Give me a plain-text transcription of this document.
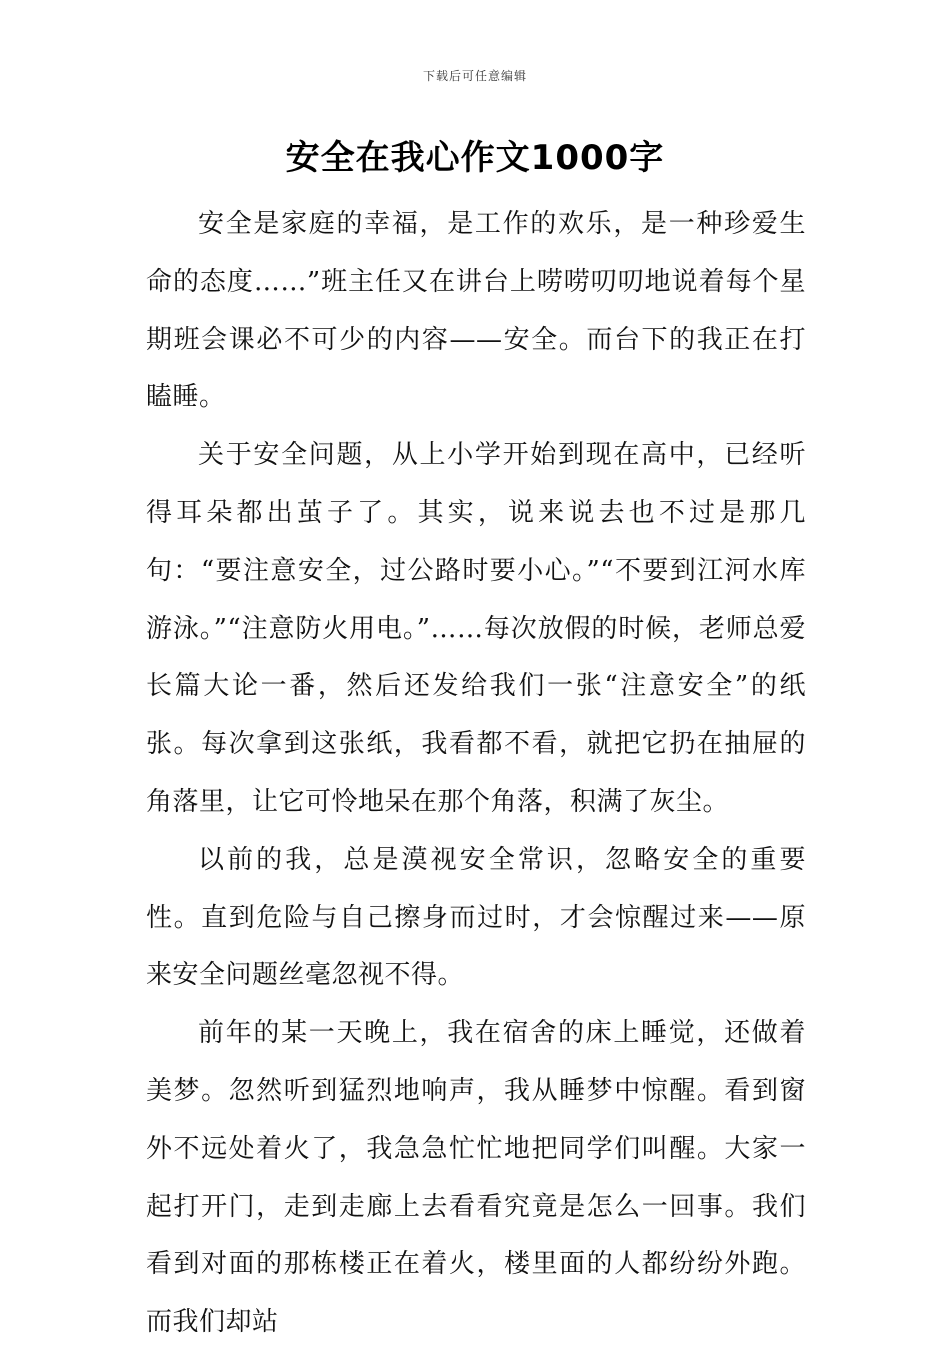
下载后可任意编辑
安全在我心作文1000字

安全是家庭的幸福，是工作的欢乐，是一种珍爱生命的态度……”班主任又在讲台上唠唠叨叨地说着每个星期班会课必不可少的内容——安全。而台下的我正在打瞌睡。

关于安全问题，从上小学开始到现在高中，已经听得耳朵都出茧子了。其实，说来说去也不过是那几句：“要注意安全，过公路时要小心。”“不要到江河水库游泳。”“注意防火用电。”……每次放假的时候，老师总爱长篇大论一番，然后还发给我们一张“注意安全”的纸张。每次拿到这张纸，我看都不看，就把它扔在抽屉的角落里，让它可怜地呆在那个角落，积满了灰尘。

以前的我，总是漠视安全常识，忽略安全的重要性。直到危险与自己擦身而过时，才会惊醒过来——原来安全问题丝毫忽视不得。

前年的某一天晚上，我在宿舍的床上睡觉，还做着美梦。忽然听到猛烈地响声，我从睡梦中惊醒。看到窗外不远处着火了，我急急忙忙地把同学们叫醒。大家一起打开门，走到走廊上去看看究竟是怎么一回事。我们看到对面的那栋楼正在着火，楼里面的人都纷纷外跑。而我们却站
